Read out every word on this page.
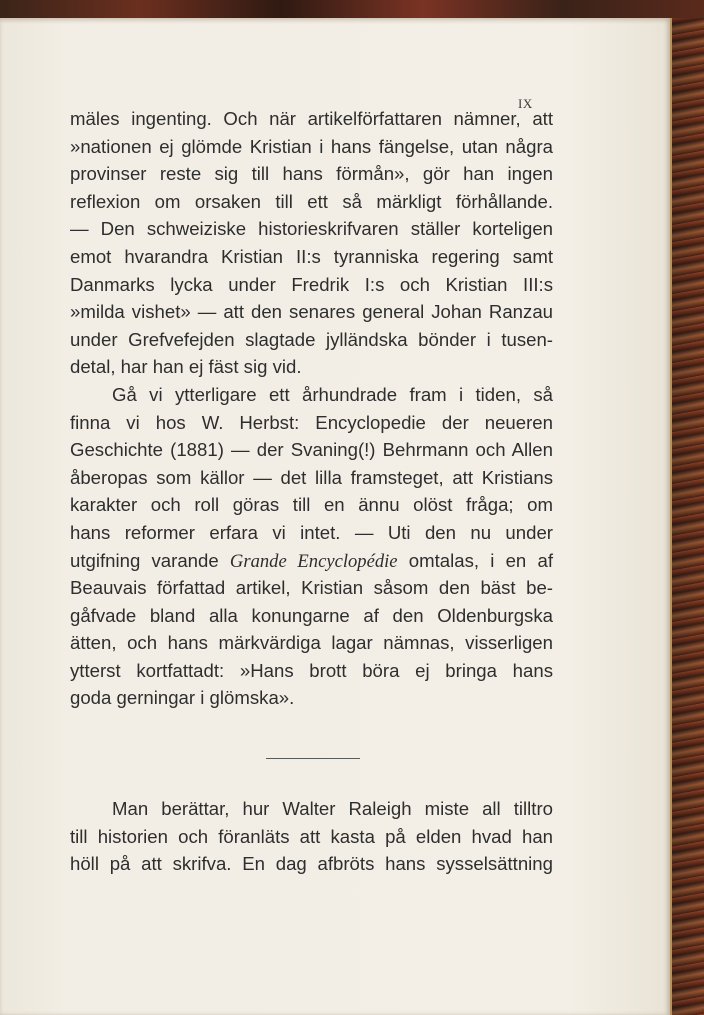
IX
mäles ingenting. Och när artikelförfattaren nämner, att
»nationen ej glömde Kristian i hans fängelse, utan några
provinser reste sig till hans förmån», gör han ingen
reflexion om orsaken till ett så märkligt förhållande.
— Den schweiziske historieskrifvaren ställer korteligen
emot hvarandra Kristian II:s tyranniska regering samt
Danmarks lycka under Fredrik I:s och Kristian III:s
»milda vishet» — att den senares general Johan Ranzau
under Grefvefejden slagtade jylländska bönder i tusen-
detal, har han ej fäst sig vid.
Gå vi ytterligare ett århundrade fram i tiden, så
finna vi hos W. Herbst: Encyclopedie der neueren
Geschichte (1881) — der Svaning(!) Behrmann och Allen
åberopas som källor — det lilla framsteget, att Kristians
karakter och roll göras till en ännu olöst fråga; om
hans reformer erfara vi intet. — Uti den nu under
utgifning varande Grande Encyclopédie omtalas, i en af
Beauvais författad artikel, Kristian såsom den bäst be-
gåfvade bland alla konungarne af den Oldenburgska
ätten, och hans märkvärdiga lagar nämnas, visserligen
ytterst kortfattadt: »Hans brott böra ej bringa hans
goda gerningar i glömska».
Man berättar, hur Walter Raleigh miste all tilltro
till historien och föranläts att kasta på elden hvad han
höll på att skrifva. En dag afbröts hans sysselsättning
